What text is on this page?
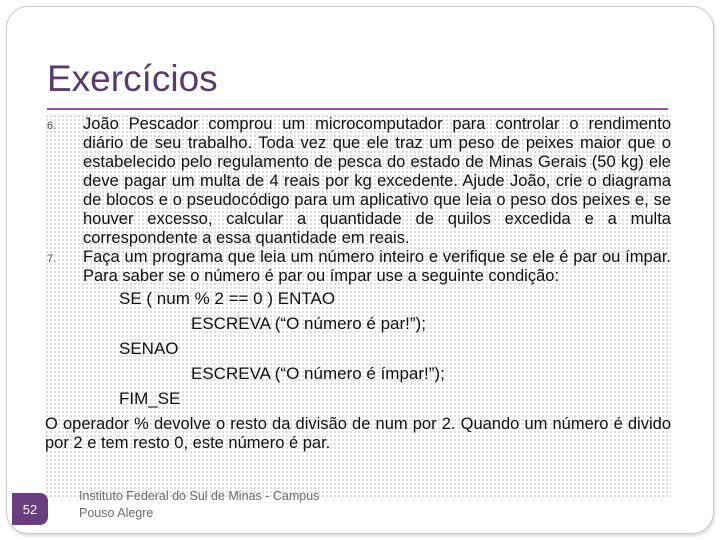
Exercícios
6.	João Pescador comprou um microcomputador para controlar o rendimento diário de seu trabalho. Toda vez que ele traz um peso de peixes maior que o estabelecido pelo regulamento de pesca do estado de Minas Gerais (50 kg) ele deve pagar um multa de 4 reais por kg excedente. Ajude João, crie o diagrama de blocos e o pseudocódigo para um aplicativo que leia o peso dos peixes e, se houver excesso, calcular a quantidade de quilos excedida e a multa correspondente a essa quantidade em reais.
7.	Faça um programa que leia um número inteiro e verifique se ele é par ou ímpar. Para saber se o número é par ou ímpar use a seguinte condição:
SE ( num % 2 == 0 ) ENTAO
ESCREVA (“O número é par!”);
SENAO
ESCREVA (“O número é ímpar!”);
FIM_SE
O operador % devolve o resto da divisão de num por 2. Quando um número é divido por 2 e tem resto 0, este número é par.
52
Instituto Federal do Sul de Minas - Campus
Pouso Alegre
